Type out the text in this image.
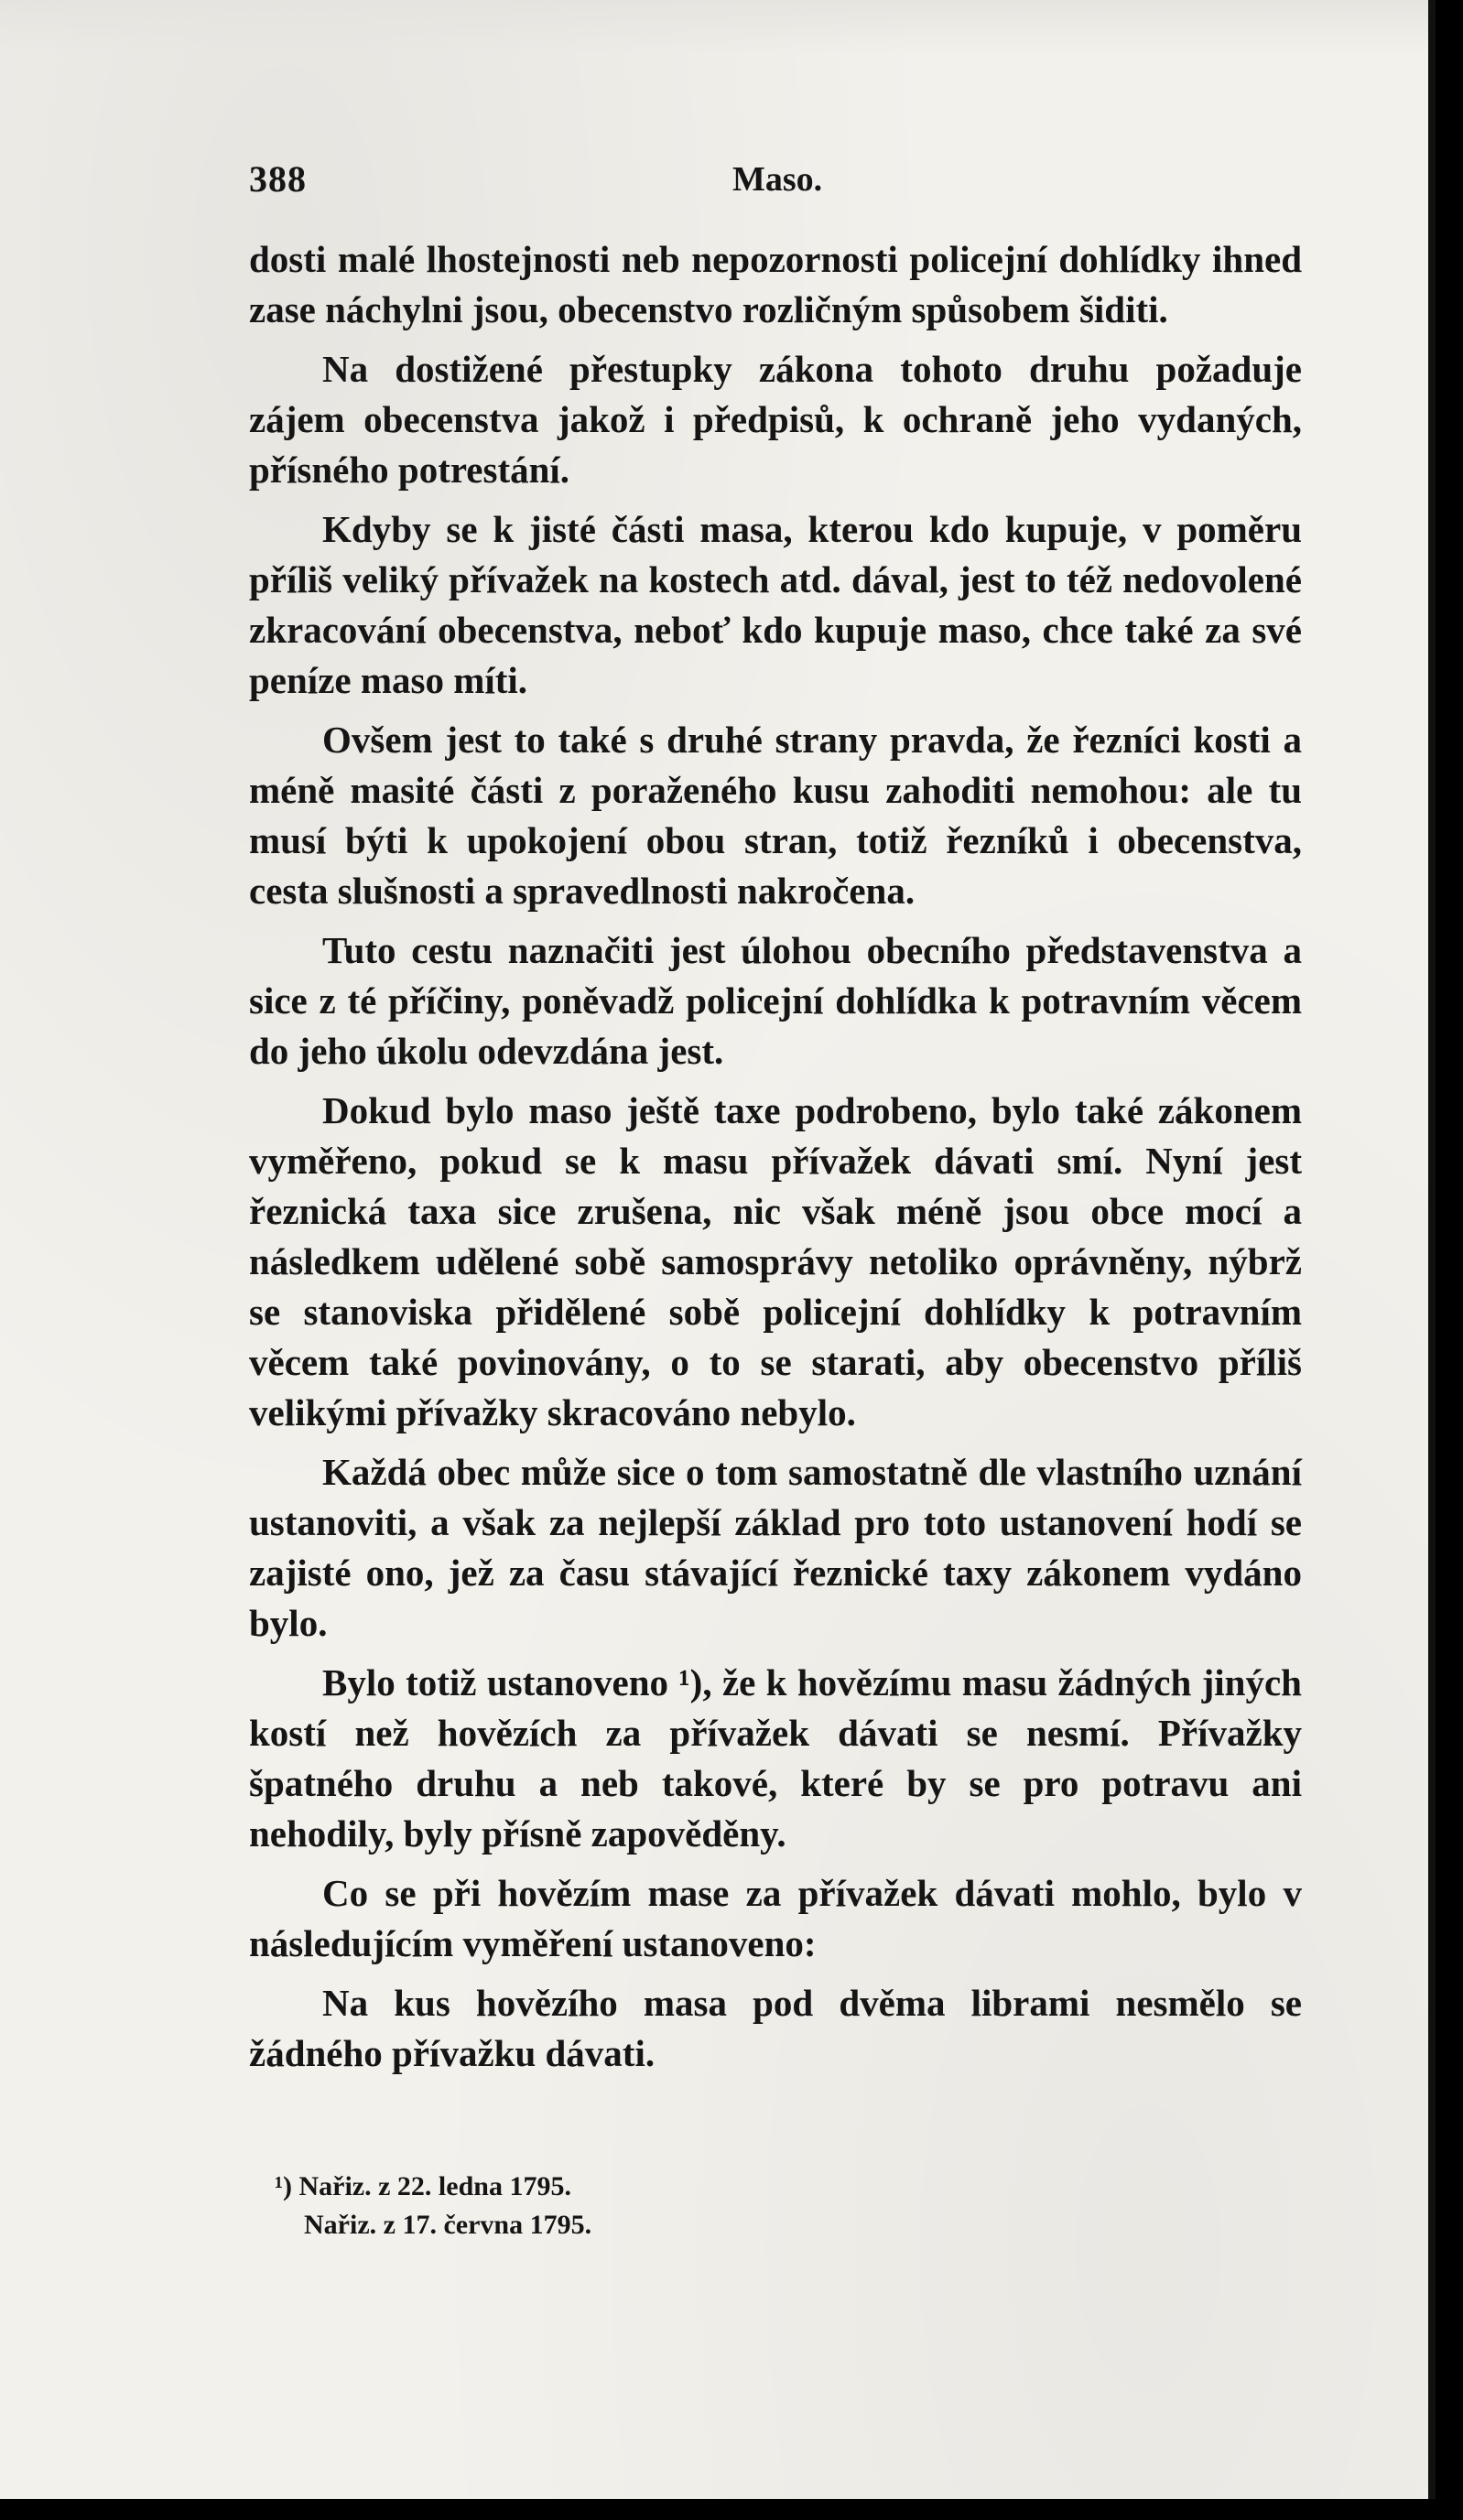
388	Maso.

dosti malé lhostejnosti neb nepozornosti policejní dohlídky ihned zase náchylni jsou, obecenstvo rozličným spůsobem šiditi.

Na dostižené přestupky zákona tohoto druhu požaduje zájem obecenstva jakož i předpisů, k ochraně jeho vydaných, přísného potrestání.

Kdyby se k jisté části masa, kterou kdo kupuje, v poměru příliš veliký přívažek na kostech atd. dával, jest to též nedovolené zkracování obecenstva, neboť kdo kupuje maso, chce také za své peníze maso míti.

Ovšem jest to také s druhé strany pravda, že řezníci kosti a méně masité části z poraženého kusu zahoditi nemohou: ale tu musí býti k upokojení obou stran, totiž řezníků i obecenstva, cesta slušnosti a spravedlnosti nakročena.

Tuto cestu naznačiti jest úlohou obecního představenstva a sice z té příčiny, poněvadž policejní dohlídka k potravním věcem do jeho úkolu odevzdána jest.

Dokud bylo maso ještě taxe podrobeno, bylo také zákonem vyměřeno, pokud se k masu přívažek dávati smí. Nyní jest řeznická taxa sice zrušena, nic však méně jsou obce mocí a následkem udělené sobě samosprávy netoliko oprávněny, nýbrž se stanoviska přidělené sobě policejní dohlídky k potravním věcem také povinovány, o to se starati, aby obecenstvo příliš velikými přívažky skracováno nebylo.

Každá obec může sice o tom samostatně dle vlastního uznání ustanoviti, a však za nejlepší základ pro toto ustanovení hodí se zajisté ono, jež za času stávající řeznické taxy zákonem vydáno bylo.

Bylo totiž ustanoveno ¹), že k hovězímu masu žádných jiných kostí než hovězích za přívažek dávati se nesmí. Přívažky špatného druhu a neb takové, které by se pro potravu ani nehodily, byly přísně zapověděny.

Co se při hovězím mase za přívažek dávati mohlo, bylo v následujícím vyměření ustanoveno:

Na kus hovězího masa pod dvěma librami nesmělo se žádného přívažku dávati.

¹) Nařiz. z 22. ledna 1795.
Nařiz. z 17. června 1795.
